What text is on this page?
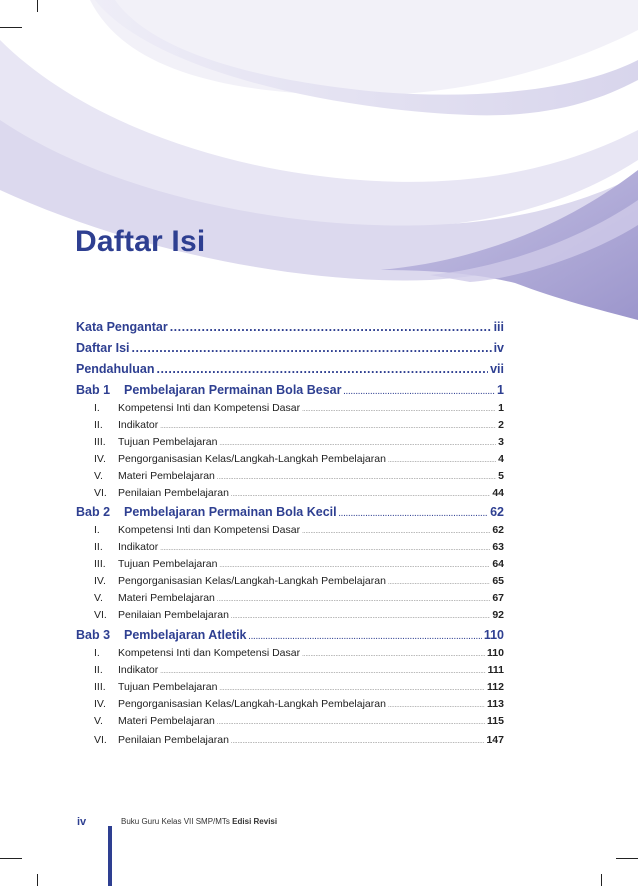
Daftar Isi
Kata Pengantar .....	iii
Daftar Isi .....	iv
Pendahuluan .....	vii
Bab 1	Pembelajaran Permainan Bola Besar .....	1
I.	Kompetensi Inti dan Kompetensi Dasar .....	1
II.	Indikator .....	2
III.	Tujuan Pembelajaran .....	3
IV.	Pengorganisasian Kelas/Langkah-Langkah Pembelajaran .....	4
V.	Materi Pembelajaran .....	5
VI.	Penilaian Pembelajaran .....	44
Bab 2	Pembelajaran Permainan Bola Kecil .....	62
I.	Kompetensi Inti dan Kompetensi Dasar .....	62
II.	Indikator .....	63
III.	Tujuan Pembelajaran .....	64
IV.	Pengorganisasian Kelas/Langkah-Langkah Pembelajaran .....	65
V.	Materi Pembelajaran .....	67
VI.	Penilaian Pembelajaran .....	92
Bab 3	Pembelajaran Atletik .....	110
I.	Kompetensi Inti dan Kompetensi Dasar .....	110
II.	Indikator .....	111
III.	Tujuan Pembelajaran .....	112
IV.	Pengorganisasian Kelas/Langkah-Langkah Pembelajaran .....	113
V.	Materi Pembelajaran .....	115
VI.	Penilaian Pembelajaran .....	147
iv	Buku Guru Kelas VII SMP/MTs Edisi Revisi
